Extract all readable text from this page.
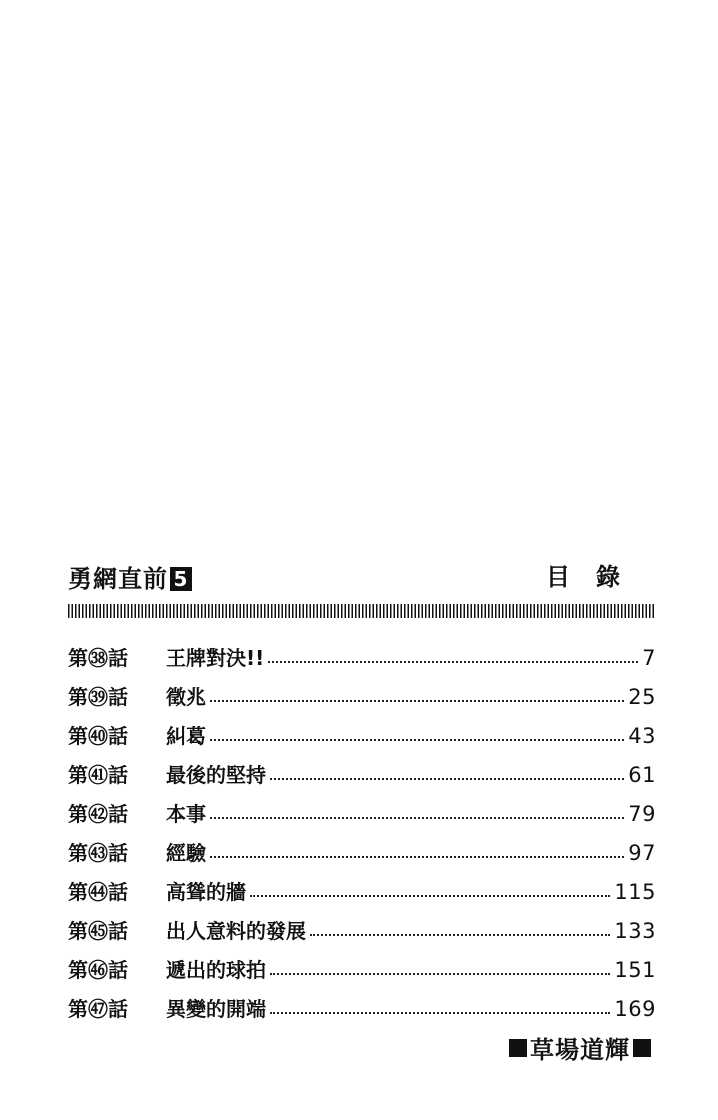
勇網直前 5	目錄
第㊳話	王牌對決!!	7
第㊴話	徵兆	25
第㊵話	糾葛	43
第㊶話	最後的堅持	61
第㊷話	本事	79
第㊸話	經驗	97
第㊹話	高聳的牆	115
第㊺話	出人意料的發展	133
第㊻話	遞出的球拍	151
第㊼話	異變的開端	169
草場道輝
